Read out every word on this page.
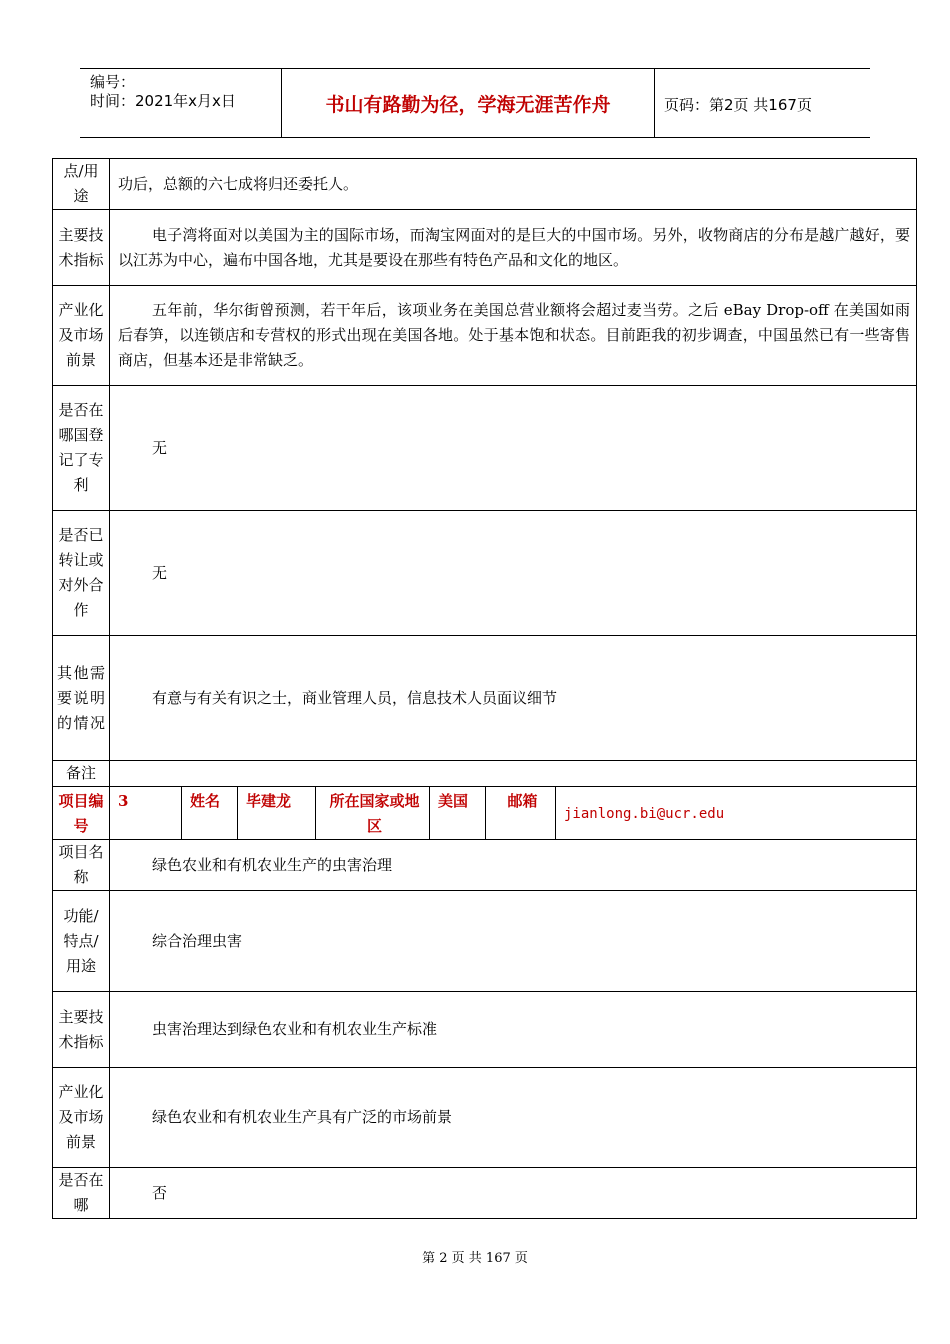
编号：
时间：2021年x月x日	书山有路勤为径，学海无涯苦作舟	页码：第2页 共167页
点/用途	功后，总额的六七成将归还委托人。						
主要技术指标	电子湾将面对以美国为主的国际市场，而淘宝网面对的是巨大的中国市场。另外，收物商店的分布是越广越好，要以江苏为中心，遍布中国各地，尤其是要设在那些有特色产品和文化的地区。						
产业化及市场前景	五年前，华尔街曾预测，若干年后，该项业务在美国总营业额将会超过麦当劳。之后 eBay Drop-off 在美国如雨后春笋，以连锁店和专营权的形式出现在美国各地。处于基本饱和状态。目前距我的初步调查，中国虽然已有一些寄售商店，但基本还是非常缺乏。						
是否在哪国登记了专利	无						
是否已转让或对外合作	无						
其他需要说明的情况	有意与有关有识之士，商业管理人员，信息技术人员面议细节						
备注							
项目编号	3	姓名	毕建龙	所在国家或地区	美国	邮箱	jianlong.bi@ucr.edu
项目名称	绿色农业和有机农业生产的虫害治理						
功能/特点/用途	综合治理虫害						
主要技术指标	虫害治理达到绿色农业和有机农业生产标准						
产业化及市场前景	绿色农业和有机农业生产具有广泛的市场前景						
是否在哪	否						
第 2 页 共 167 页
